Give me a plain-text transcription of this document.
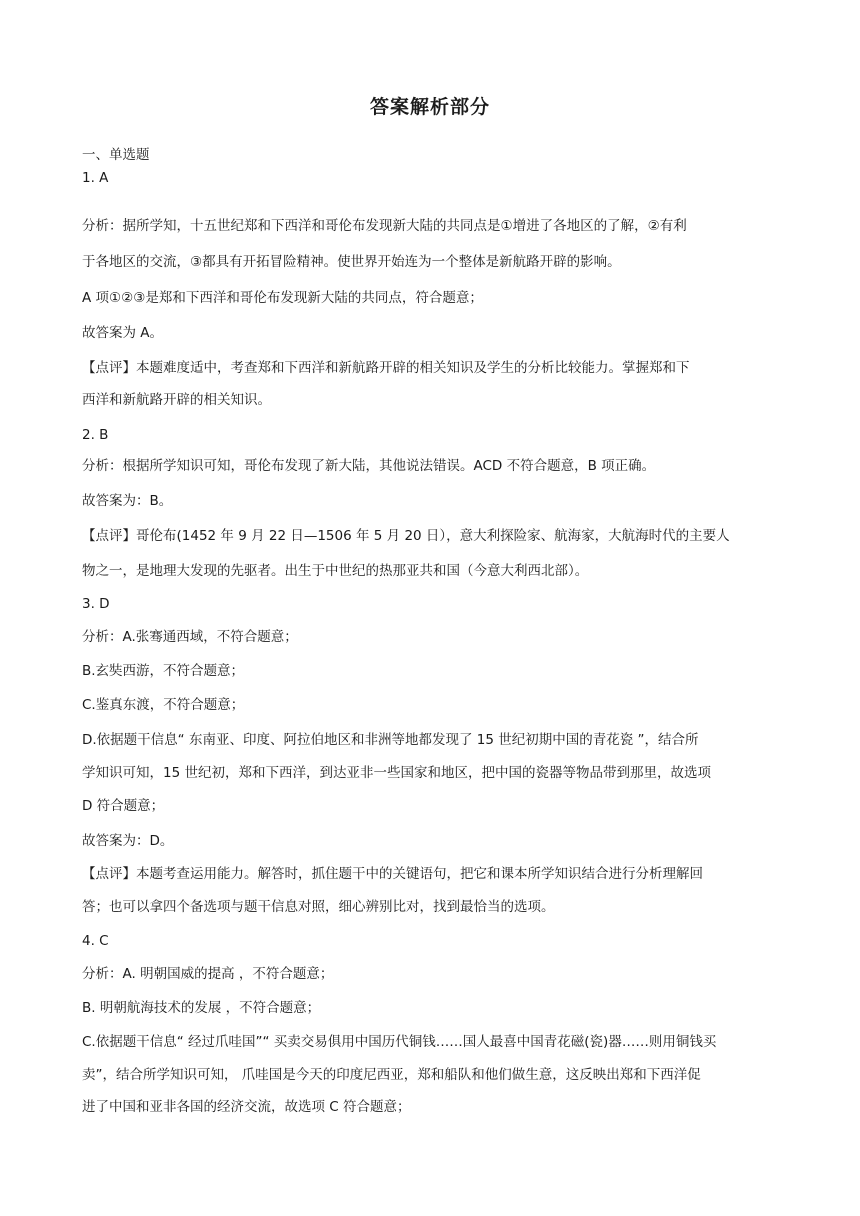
答案解析部分
一、单选题
1. A
分析：据所学知，十五世纪郑和下西洋和哥伦布发现新大陆的共同点是①增进了各地区的了解，②有利
于各地区的交流，③都具有开拓冒险精神。使世界开始连为一个整体是新航路开辟的影响。
A 项①②③是郑和下西洋和哥伦布发现新大陆的共同点，符合题意；
故答案为 A。
【点评】本题难度适中，考查郑和下西洋和新航路开辟的相关知识及学生的分析比较能力。掌握郑和下
西洋和新航路开辟的相关知识。
2. B
分析：根据所学知识可知，哥伦布发现了新大陆，其他说法错误。ACD 不符合题意，B 项正确。
故答案为：B。
【点评】哥伦布(1452 年 9 月 22 日—1506 年 5 月 20 日），意大利探险家、航海家，大航海时代的主要人
物之一，是地理大发现的先驱者。出生于中世纪的热那亚共和国（今意大利西北部）。
3. D
分析：A.张骞通西域，不符合题意；
B.玄奘西游，不符合题意；
C.鉴真东渡，不符合题意；
D.依据题干信息“ 东南亚、印度、阿拉伯地区和非洲等地都发现了 15 世纪初期中国的青花瓷 ”，结合所
学知识可知，15 世纪初，郑和下西洋，到达亚非一些国家和地区，把中国的瓷器等物品带到那里，故选项
D 符合题意；
故答案为：D。
【点评】本题考查运用能力。解答时，抓住题干中的关键语句，把它和课本所学知识结合进行分析理解回
答；也可以拿四个备选项与题干信息对照，细心辨别比对，找到最恰当的选项。
4. C
分析：A. 明朝国威的提高 ，不符合题意；
B. 明朝航海技术的发展 ，不符合题意；
C.依据题干信息“ 经过爪哇国”“ 买卖交易俱用中国历代铜钱……国人最喜中国青花磁(瓷)器……则用铜钱买
卖”，结合所学知识可知， 爪哇国是今天的印度尼西亚，郑和船队和他们做生意，这反映出郑和下西洋促
进了中国和亚非各国的经济交流，故选项 C 符合题意；
